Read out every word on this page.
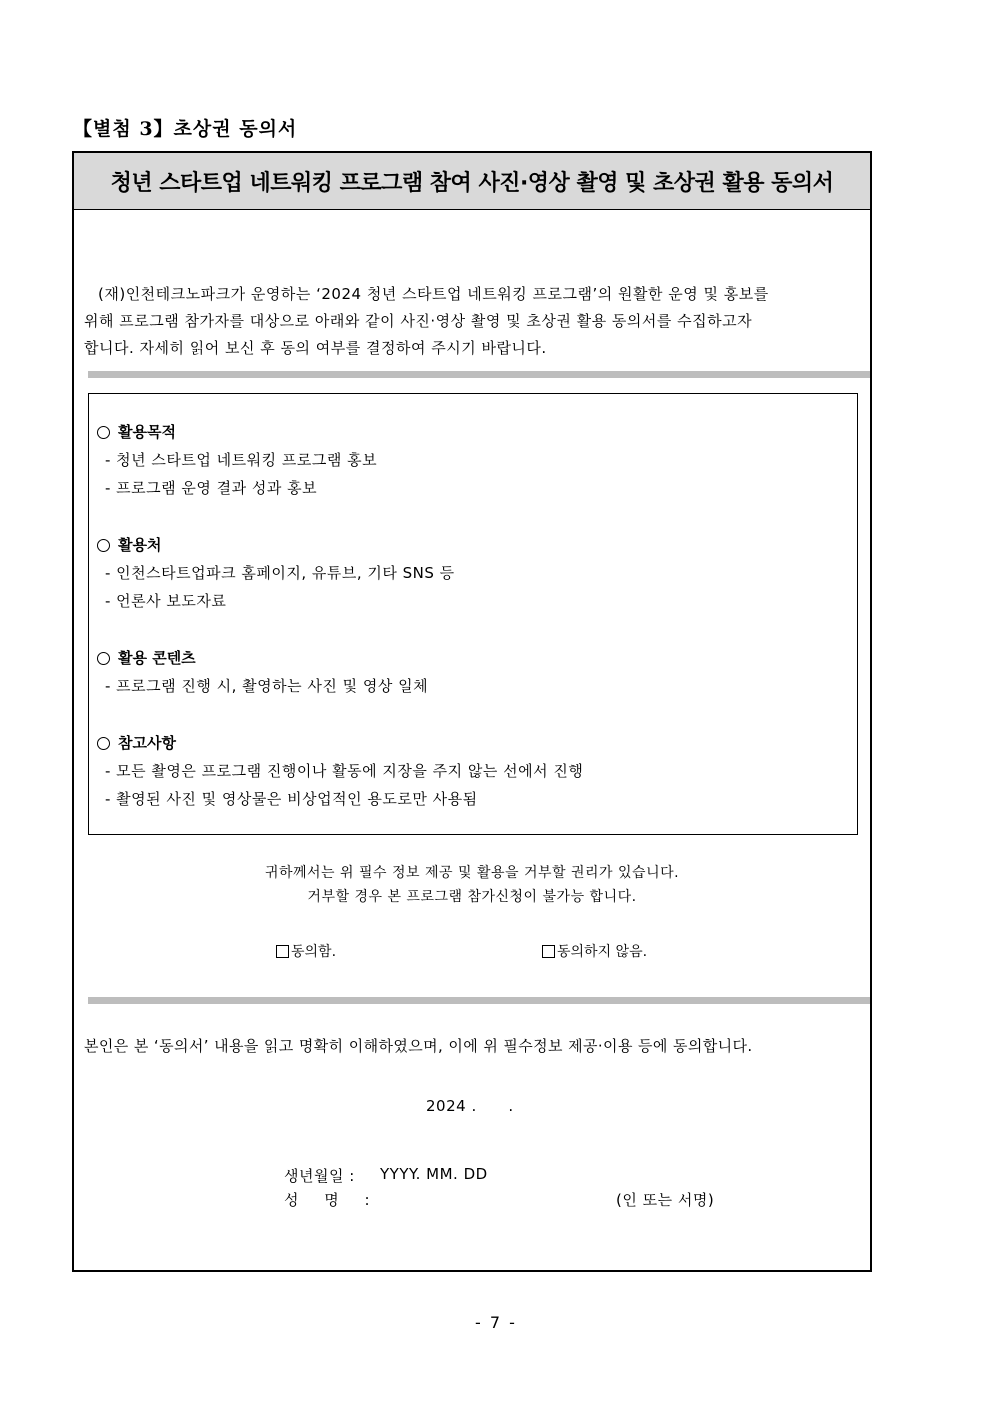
【별첨 3】초상권 동의서
청년 스타트업 네트워킹 프로그램 참여 사진·영상 촬영 및 초상권 활용 동의서
(재)인천테크노파크가 운영하는 ‘2024 청년 스타트업 네트워킹 프로그램’의 원활한 운영 및 홍보를
위해 프로그램 참가자를 대상으로 아래와 같이 사진·영상 촬영 및 초상권 활용 동의서를 수집하고자
합니다. 자세히 읽어 보신 후 동의 여부를 결정하여 주시기 바랍니다.
활용목적
- 청년 스타트업 네트워킹 프로그램 홍보
- 프로그램 운영 결과 성과 홍보
활용처
- 인천스타트업파크 홈페이지, 유튜브, 기타 SNS 등
- 언론사 보도자료
활용 콘텐츠
- 프로그램 진행 시, 촬영하는 사진 및 영상 일체
참고사항
- 모든 촬영은 프로그램 진행이나 활동에 지장을 주지 않는 선에서 진행
- 촬영된 사진 및 영상물은 비상업적인 용도로만 사용됨
귀하께서는 위 필수 정보 제공 및 활용을 거부할 권리가 있습니다.
거부할 경우 본 프로그램 참가신청이 불가능 합니다.
동의함.	동의하지 않음.
본인은 본 ‘동의서’ 내용을 읽고 명확히 이해하였으며, 이에 위 필수정보 제공·이용 등에 동의합니다.
2024 .      .
생년월일 :	YYYY. MM. DD
성 명 :	(인 또는 서명)
- 7 -
